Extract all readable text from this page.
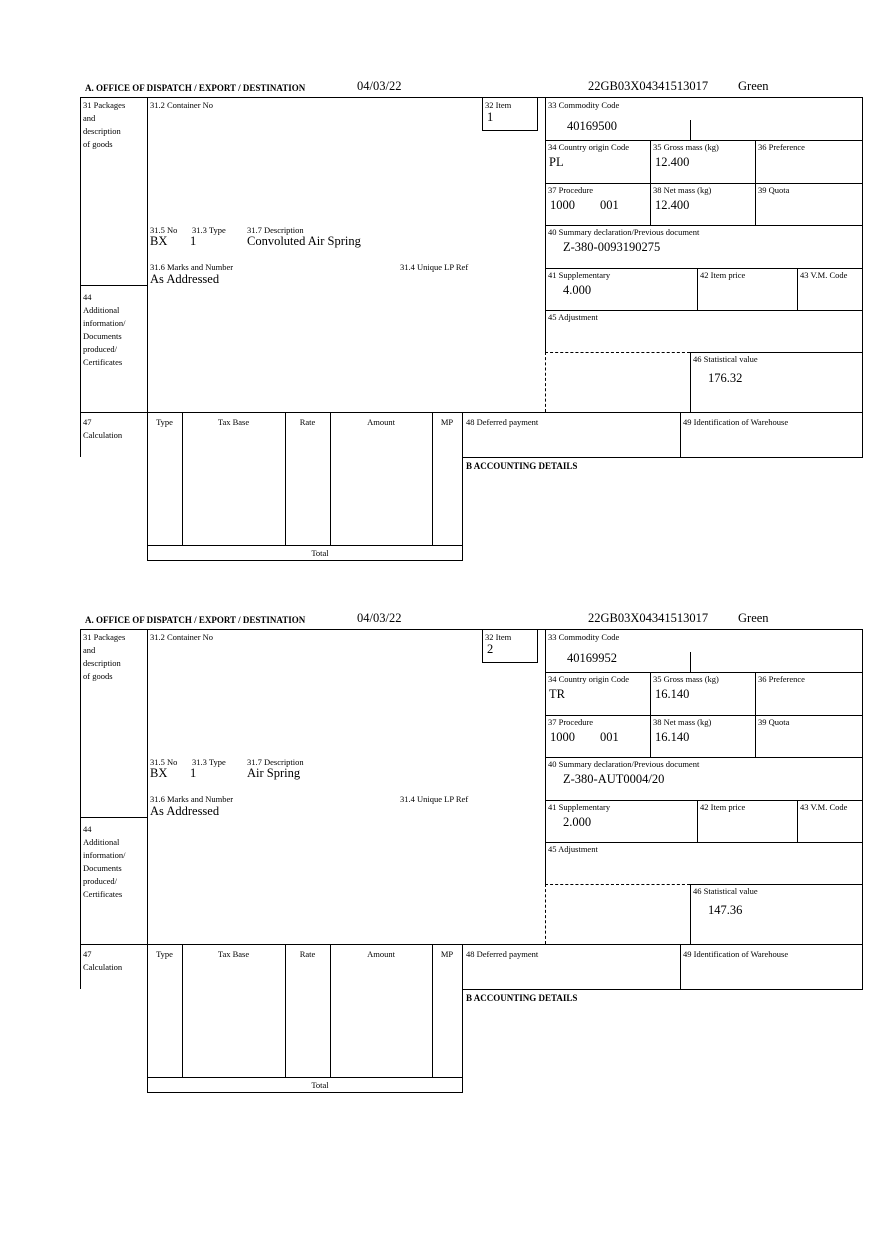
A. OFFICE OF DISPATCH / EXPORT / DESTINATION	04/03/22	22GB03X04341513017 Green
31 Packages
and
description
of goods
44
Additional
information/
Documents
produced/
Certificates
31.2 Container No	32 Item
1
33 Commodity Code
40169500
34 Country origin Code
PL
35 Gross mass (kg)
12.400
36 Preference
37 Procedure
1000 001
38 Net mass (kg)
12.400
39 Quota
40 Summary declaration/Previous document
Z-380-0093190275
41 Supplementary
4.000
42 Item price	43 V.M. Code
45 Adjustment
46 Statistical value
176.32
31.5 No 31.3 Type	31.7 Description
BX 1	Convoluted Air Spring
31.6 Marks and Number	31.4 Unique LP Ref
As Addressed
47
Calculation
Type	Tax Base	Rate	Amount	MP
Total
48 Deferred payment	49 Identification of Warehouse
B ACCOUNTING DETAILS
A. OFFICE OF DISPATCH / EXPORT / DESTINATION	04/03/22	22GB03X04341513017 Green
31 Packages
and
description
of goods
44
Additional
information/
Documents
produced/
Certificates
31.2 Container No	32 Item
2
33 Commodity Code
40169952
34 Country origin Code
TR
35 Gross mass (kg)
16.140
36 Preference
37 Procedure
1000 001
38 Net mass (kg)
16.140
39 Quota
40 Summary declaration/Previous document
Z-380-AUT0004/20
41 Supplementary
2.000
42 Item price	43 V.M. Code
45 Adjustment
46 Statistical value
147.36
31.5 No 31.3 Type	31.7 Description
BX 1	Air Spring
31.6 Marks and Number	31.4 Unique LP Ref
As Addressed
47
Calculation
Type	Tax Base	Rate	Amount	MP
Total
48 Deferred payment	49 Identification of Warehouse
B ACCOUNTING DETAILS
